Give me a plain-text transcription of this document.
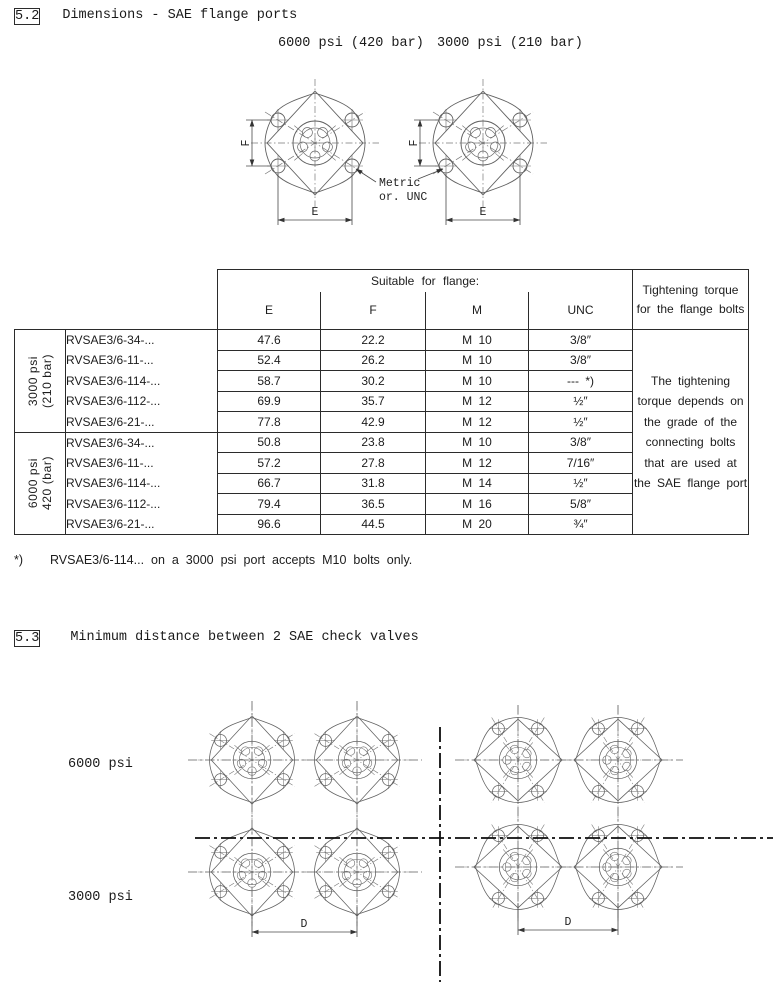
5.2 Dimensions - SAE flange ports
6000 psi (420 bar) 3000 psi (210 bar)
F
E
F
E
Metric
or. UNC
		Suitable for flange:				Tightening torque for the flange bolts
		E	F	M	UNC	

3000 psi (210 bar)	RVSAE3/6-34-...	47.6	22.2	M 10	3/8″	The tightening torque depends on the grade of the connecting bolts that are used at the SAE flange port
	RVSAE3/6-11-...	52.4	26.2	M 10	3/8″	
	RVSAE3/6-114-...	58.7	30.2	M 10	--- *)	
	RVSAE3/6-112-...	69.9	35.7	M 12	½″	
	RVSAE3/6-21-...	77.8	42.9	M 12	½″	

6000 psi 420 (bar)	RVSAE3/6-34-...	50.8	23.8	M 10	3/8″	
	RVSAE3/6-11-...	57.2	27.8	M 12	7/16″	
	RVSAE3/6-114-...	66.7	31.8	M 14	½″	
	RVSAE3/6-112-...	79.4	36.5	M 16	5/8″	
	RVSAE3/6-21-...	96.6	44.5	M 20	¾″	
*)	RVSAE3/6-114... on a 3000 psi port accepts M10 bolts only.
5.3 Minimum distance between 2 SAE check valves
6000 psi
3000 psi
D	D
